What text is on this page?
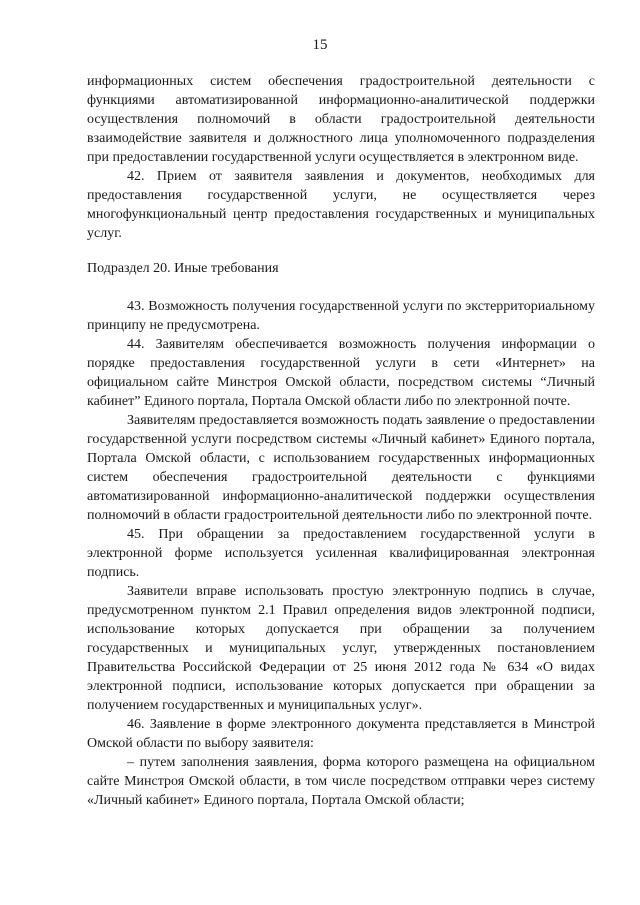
15

информационных систем обеспечения градостроительной деятельности с функциями автоматизированной информационно-аналитической поддержки осуществления полномочий в области градостроительной деятельности взаимодействие заявителя и должностного лица уполномоченного подразделения при предоставлении государственной услуги осуществляется в электронном виде.

42. Прием от заявителя заявления и документов, необходимых для предоставления государственной услуги, не осуществляется через многофункциональный центр предоставления государственных и муниципальных услуг.

Подраздел 20. Иные требования

43. Возможность получения государственной услуги по экстерриториальному принципу не предусмотрена.

44. Заявителям обеспечивается возможность получения информации о порядке предоставления государственной услуги в сети «Интернет» на официальном сайте Минстроя Омской области, посредством системы “Личный кабинет” Единого портала, Портала Омской области либо по электронной почте.

Заявителям предоставляется возможность подать заявление о предоставлении государственной услуги посредством системы «Личный кабинет» Единого портала, Портала Омской области, с использованием государственных информационных систем обеспечения градостроительной деятельности с функциями автоматизированной информационно-аналитической поддержки осуществления полномочий в области градостроительной деятельности либо по электронной почте.

45. При обращении за предоставлением государственной услуги в электронной форме используется усиленная квалифицированная электронная подпись.

Заявители вправе использовать простую электронную подпись в случае, предусмотренном пунктом 2.1 Правил определения видов электронной подписи, использование которых допускается при обращении за получением государственных и муниципальных услуг, утвержденных постановлением Правительства Российской Федерации от 25 июня 2012 года № 634 «О видах электронной подписи, использование которых допускается при обращении за получением государственных и муниципальных услуг».

46. Заявление в форме электронного документа представляется в Минстрой Омской области по выбору заявителя:

– путем заполнения заявления, форма которого размещена на официальном сайте Минстроя Омской области, в том числе посредством отправки через систему «Личный кабинет» Единого портала, Портала Омской области;
